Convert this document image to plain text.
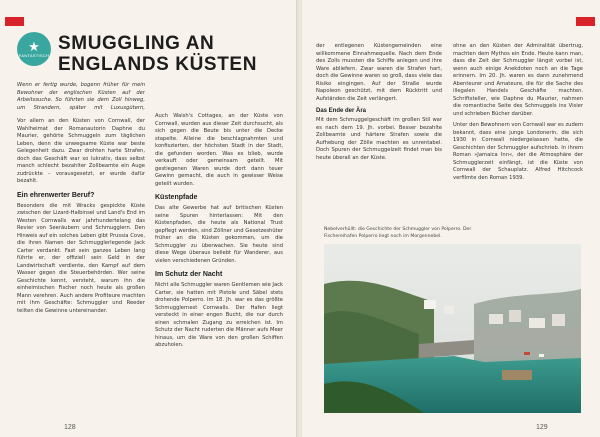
★
FANTASTISCH
SMUGGLING AN ENGLANDS KÜSTEN

Wenn er fertig wurde, bogenn früher für mein Bewohner der englischen Küsten auf der Arbeitssuche. So führten sie dem Zoll hinweg, um Strandern, später mit Luxusgütern,

Vor allem an den Küsten von Cornwall, der Wahlheimat der Romanautorin Daphne du Maurier, gehörte Schmuggeln zum täglichen Leben, denn die unwegsame Küste war beste Gelegenheit dazu. Zwar drohten harte Strafen, doch das Geschäft war so lukrativ, dass selbst manch schlecht bezahlter Zollbeamte ein Auge zudrückte – vorausgesetzt, er wurde dafür bezahlt.

Ein ehrenwerter Beruf?

Besonders die mit Wracks gespickte Küste zwischen der Lizard-Halbinsel und Land's End im Westen Cornwalls war jahrhundertelang das Revier von Seeräubern und Schmugglern. Den Hinweis auf ein solches Leben gibt Prussia Cove, die ihren Namen der Schmugglerlegende Jack Carter verdankt. Fast sein ganzes Leben lang führte er, der offiziell sein Geld in der Landwirtschaft verdiente, den Kampf auf dem Wasser gegen die Steuerbehörden. Wer seine Geschichte kennt, versteht, warum ihn die einheimischen Fischer noch heute als großen Mann verehren. Auch andere Profiteure machten mit ihm Geschäfte: Schmuggler und Reeder teilten die Gewinne untereinander.

Auch Walsh's Cottages, an der Küste von Cornwall, wurden aus dieser Zeit durchsucht, als sich gegen die Beute bis unter die Decke stapelte. Alleine die beschlagnahmten und konfiszierten, der höchsten Stadt in der Stadt, die gefunden worden. Was es blieb, wurde verkauft oder gemeinsam geteilt. Mit gestiegenen Waren wurde dort dann teuer Gewinn gemacht, die auch in gewisser Weise geteilt wurden.

Küstenpfade

Das alte Gewerbe hat auf britischen Küsten seine Spuren hinterlassen: Mit den Küstenpfaden, die heute als National Trust gepflegt werden, sind Zöllner und Gesetzeshüter früher an die Küsten gekommen, um die Schmuggler zu überwachen. Sie heute sind diese Wege überaus beliebt für Wanderer, aus vielen verschiedenen Gründen.

Im Schutz der Nacht

Nicht alle Schmuggler waren Gentlemen wie Jack Carter, sie hatten mit Pistole und Säbel stets drohende Polperro. Im 18. Jh. war es das größte Schmugglernest Cornwalls. Der Hafen liegt versteckt in einer engen Bucht, die nur durch einen schmalen Zugang zu erreichen ist. Im Schutz der Nacht ruderten die Männer aufs Meer hinaus, um die Ware von den großen Schiffen abzuholen.

128

der entlegenen Küstengemeinden eine willkommene Einnahmequelle. Nach dem Ende des Zolls mussten die Schiffe anlegen und ihre Ware abliefern. Zwar waren die Strafen hart, doch die Gewinne waren so groß, dass viele das Risiko eingingen. Auf der Straße wurde Napoleon geschützt, mit dem Rücktritt und Aufständen die Zeit verlängert.

Das Ende der Ära

Mit dem Schmuggelgeschäft im großen Stil war es nach dem 19. Jh. vorbei. Besser bezahlte Zollbeamte und härtere Strafen sowie die Aufhebung der Zölle machten es unrentabel. Doch Spuren der Schmuggelzeit findet man bis heute überall an der Küste.

ohne an den Küsten der Admiralität übertrug, machten dem Mythos ein Ende. Heute kann man, dass die Zeit der Schmuggler längst vorbei ist, wenn auch einige Anekdoten noch an die Tage erinnern. Im 20. Jh. waren es dann zunehmend Abenteurer und Amateure, die für die Sache des illegalen Handels Geschäfte machten. Schriftsteller, wie Daphne du Maurier, nahmen die romantische Seite des Schmuggels ins Visier und schrieben Bücher darüber.

Unter den Bewohnern von Cornwall war es zudem bekannt, dass eine junge Londonerin, die sich 1930 in Cornwall niedergelassen hatte, die Geschichten der Schmuggler aufschrieb. In ihrem Roman »Jamaica Inn«, der die Atmosphäre der Schmugglerzeit einfängt, ist die Küste von Cornwall der Schauplatz. Alfred Hitchcock verfilmte den Roman 1939.

Nebelverhüllt: die Geschichte der Schmuggler von Polperro. Der Fischereihafen Polperro liegt noch im Morgennebel.
129
